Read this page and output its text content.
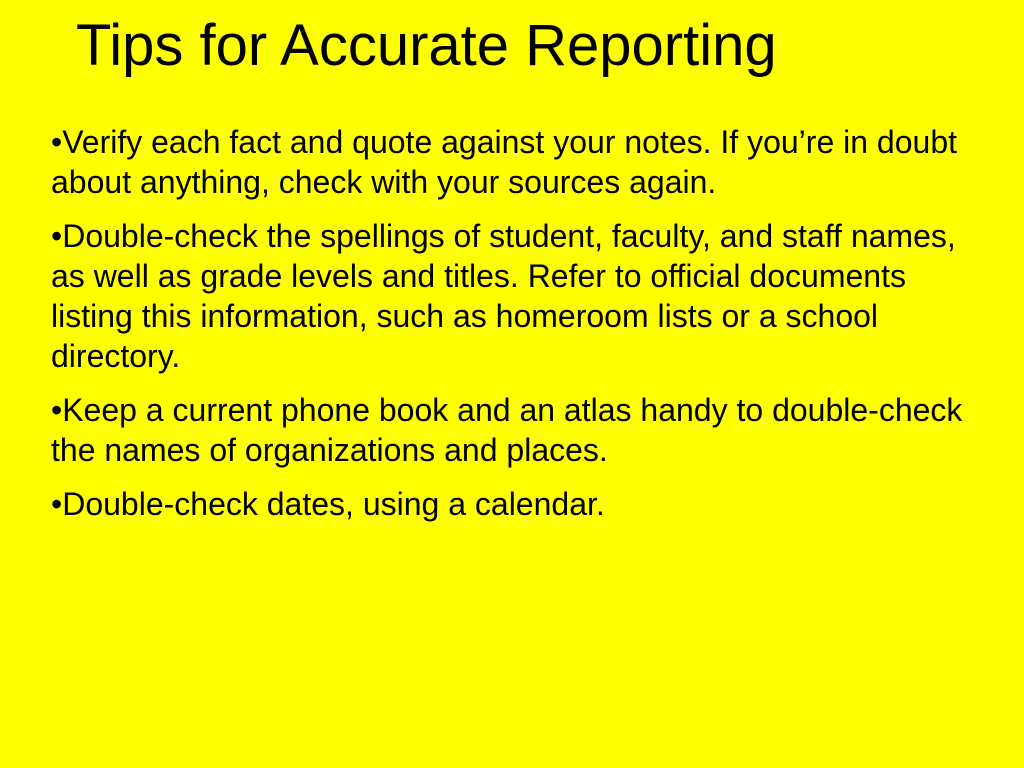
Tips for Accurate Reporting
•Verify each fact and quote against your notes. If you’re in doubt about anything, check with your sources again.
•Double-check the spellings of student, faculty, and staff names, as well as grade levels and titles. Refer to official documents listing this information, such as homeroom lists or a school directory.
•Keep a current phone book and an atlas handy to double-check the names of organizations and places.
•Double-check dates, using a calendar.
